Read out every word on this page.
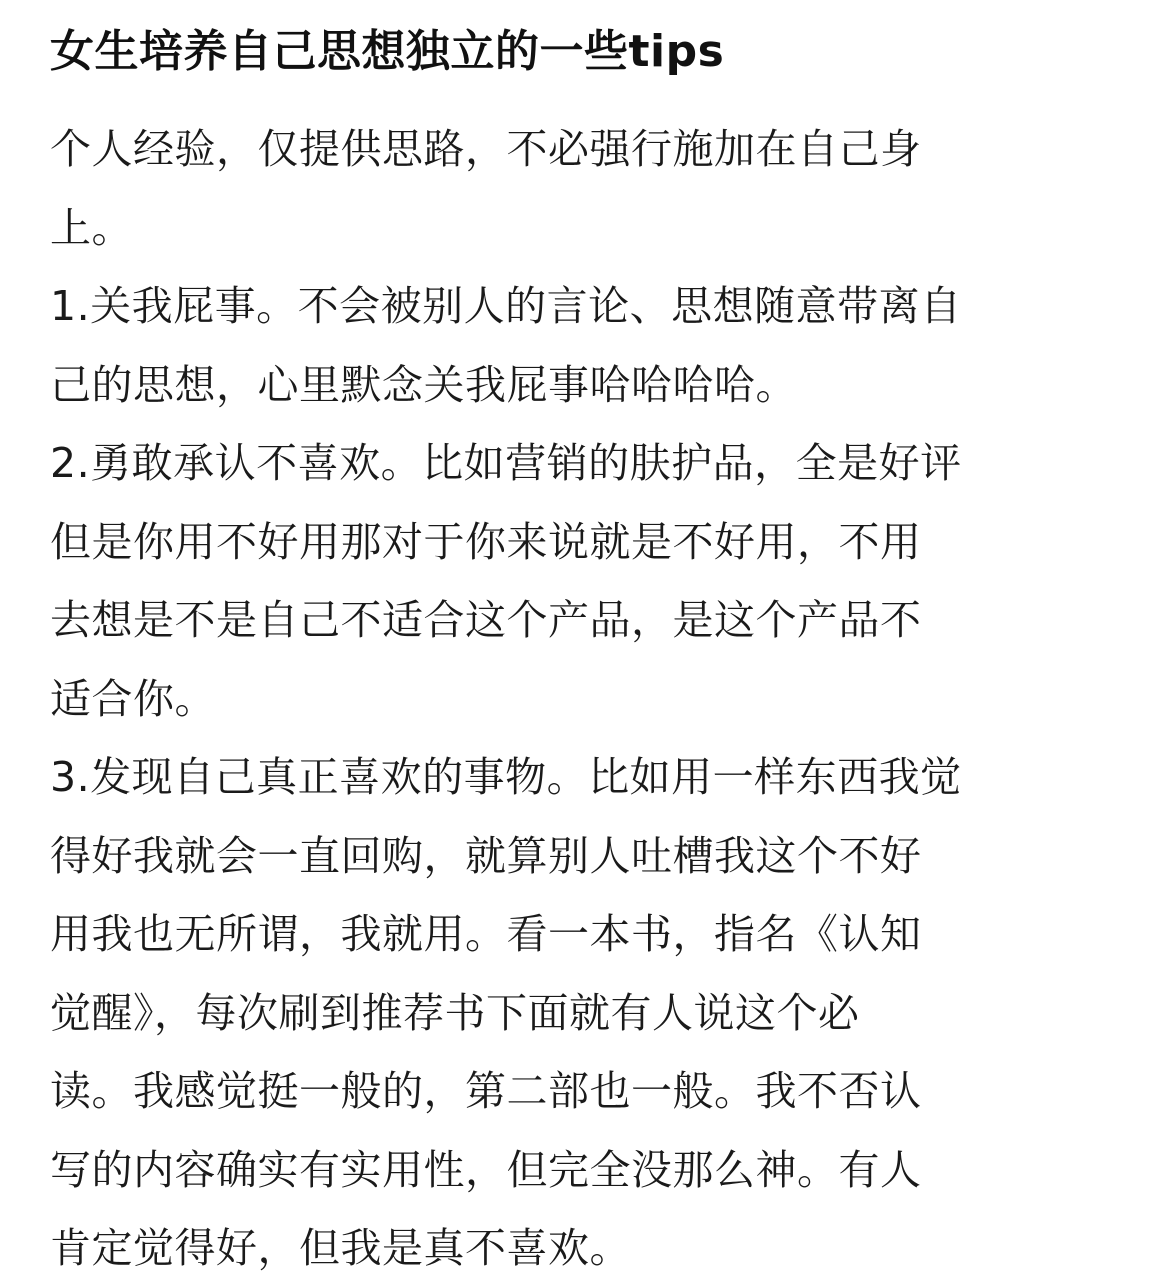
女生培养自己思想独立的一些tips
个人经验，仅提供思路，不必强行施加在自己身
上。
1.关我屁事。不会被别人的言论、思想随意带离自
己的思想，心里默念关我屁事哈哈哈哈。
2.勇敢承认不喜欢。比如营销的肤护品，全是好评
但是你用不好用那对于你来说就是不好用，不用
去想是不是自己不适合这个产品，是这个产品不
适合你。
3.发现自己真正喜欢的事物。比如用一样东西我觉
得好我就会一直回购，就算别人吐槽我这个不好
用我也无所谓，我就用。看一本书，指名《认知
觉醒》，每次刷到推荐书下面就有人说这个必
读。我感觉挺一般的，第二部也一般。我不否认
写的内容确实有实用性，但完全没那么神。有人
肯定觉得好，但我是真不喜欢。
